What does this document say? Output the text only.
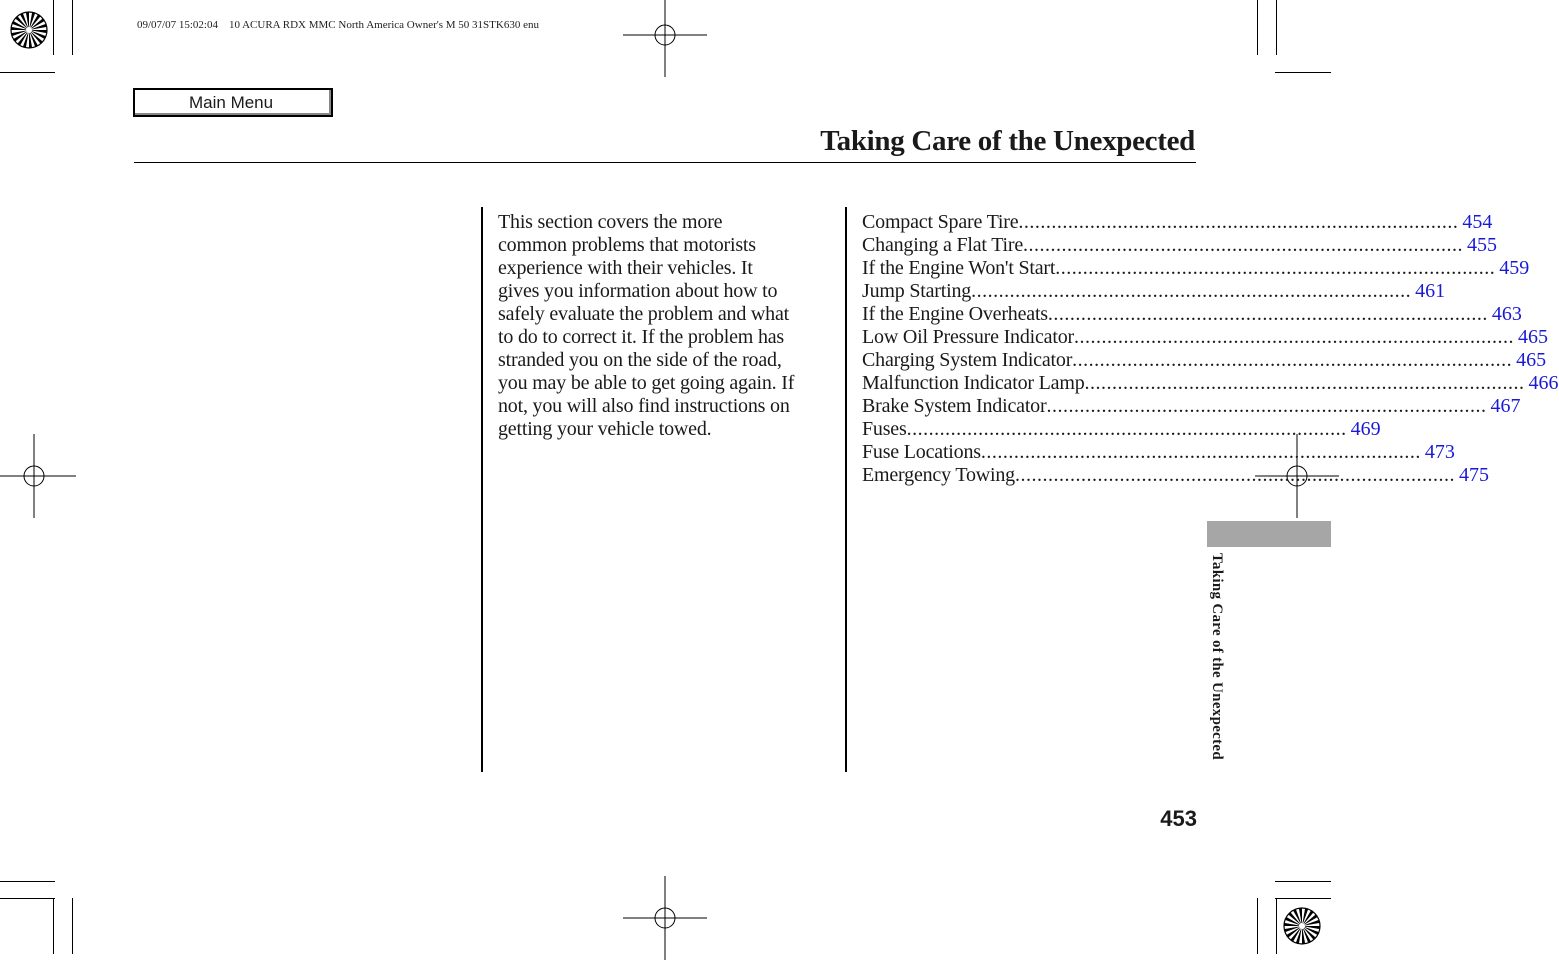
09/07/07 15:02:04    10 ACURA RDX MMC North America Owner's M 50 31STK630 enu
Main Menu
Taking Care of the Unexpected
This section covers the more
common problems that motorists
experience with their vehicles. It
gives you information about how to
safely evaluate the problem and what
to do to correct it. If the problem has
stranded you on the side of the road,
you may be able to get going again. If
not, you will also find instructions on
getting your vehicle towed.
Compact Spare Tire ................................................................................ 454
Changing a Flat Tire ................................................................................ 455
If the Engine Won't Start ................................................................................ 459
Jump Starting ................................................................................ 461
If the Engine Overheats ................................................................................ 463
Low Oil Pressure Indicator ................................................................................ 465
Charging System Indicator ................................................................................ 465
Malfunction Indicator Lamp ................................................................................ 466
Brake System Indicator ................................................................................ 467
Fuses ................................................................................ 469
Fuse Locations ................................................................................ 473
Emergency Towing ................................................................................ 475
Taking Care of the Unexpected
453
